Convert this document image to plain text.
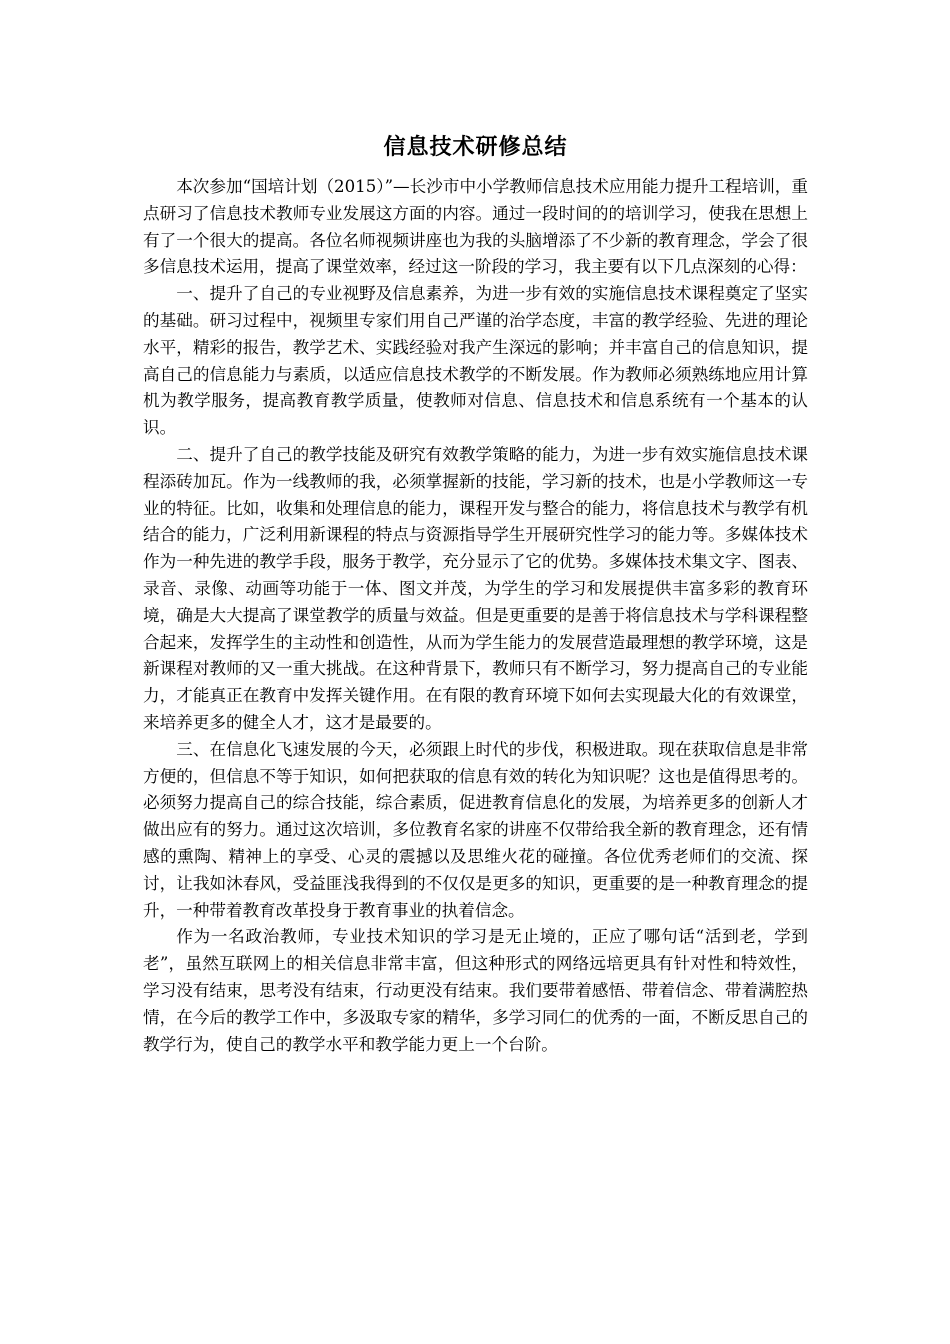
信息技术研修总结

本次参加“国培计划（2015）”—长沙市中小学教师信息技术应用能力提升工程培训，重点研习了信息技术教师专业发展这方面的内容。通过一段时间的的培训学习，使我在思想上有了一个很大的提高。各位名师视频讲座也为我的头脑增添了不少新的教育理念，学会了很多信息技术运用，提高了课堂效率，经过这一阶段的学习，我主要有以下几点深刻的心得：

一、提升了自己的专业视野及信息素养，为进一步有效的实施信息技术课程奠定了坚实的基础。研习过程中，视频里专家们用自己严谨的治学态度，丰富的教学经验、先进的理论水平，精彩的报告，教学艺术、实践经验对我产生深远的影响；并丰富自己的信息知识，提高自己的信息能力与素质，以适应信息技术教学的不断发展。作为教师必须熟练地应用计算机为教学服务，提高教育教学质量，使教师对信息、信息技术和信息系统有一个基本的认识。

二、提升了自己的教学技能及研究有效教学策略的能力，为进一步有效实施信息技术课程添砖加瓦。作为一线教师的我，必须掌握新的技能，学习新的技术，也是小学教师这一专业的特征。比如，收集和处理信息的能力，课程开发与整合的能力，将信息技术与教学有机结合的能力，广泛利用新课程的特点与资源指导学生开展研究性学习的能力等。多媒体技术作为一种先进的教学手段，服务于教学，充分显示了它的优势。多媒体技术集文字、图表、录音、录像、动画等功能于一体、图文并茂，为学生的学习和发展提供丰富多彩的教育环境，确是大大提高了课堂教学的质量与效益。但是更重要的是善于将信息技术与学科课程整合起来，发挥学生的主动性和创造性，从而为学生能力的发展营造最理想的教学环境，这是新课程对教师的又一重大挑战。在这种背景下，教师只有不断学习，努力提高自己的专业能力，才能真正在教育中发挥关键作用。在有限的教育环境下如何去实现最大化的有效课堂，来培养更多的健全人才，这才是最要的。

三、在信息化飞速发展的今天，必须跟上时代的步伐，积极进取。现在获取信息是非常 方便的，但信息不等于知识，如何把获取的信息有效的转化为知识呢？这也是值得思考的。必须努力提高自己的综合技能，综合素质，促进教育信息化的发展，为培养更多的创新人才做出应有的努力。通过这次培训，多位教育名家的讲座不仅带给我全新的教育理念，还有情感的熏陶、精神上的享受、心灵的震撼以及思维火花的碰撞。各位优秀老师们的交流、探讨，让我如沐春风，受益匪浅我得到的不仅仅是更多的知识，更重要的是一种教育理念的提升，一种带着教育改革投身于教育事业的执着信念。

作为一名政治教师，专业技术知识的学习是无止境的，正应了哪句话“活到老，学到老”，虽然互联网上的相关信息非常丰富，但这种形式的网络远培更具有针对性和特效性，学习没有结束，思考没有结束，行动更没有结束。我们要带着感悟、带着信念、带着满腔热情，在今后的教学工作中，多汲取专家的精华，多学习同仁的优秀的一面，不断反思自己的教学行为，使自己的教学水平和教学能力更上一个台阶。
